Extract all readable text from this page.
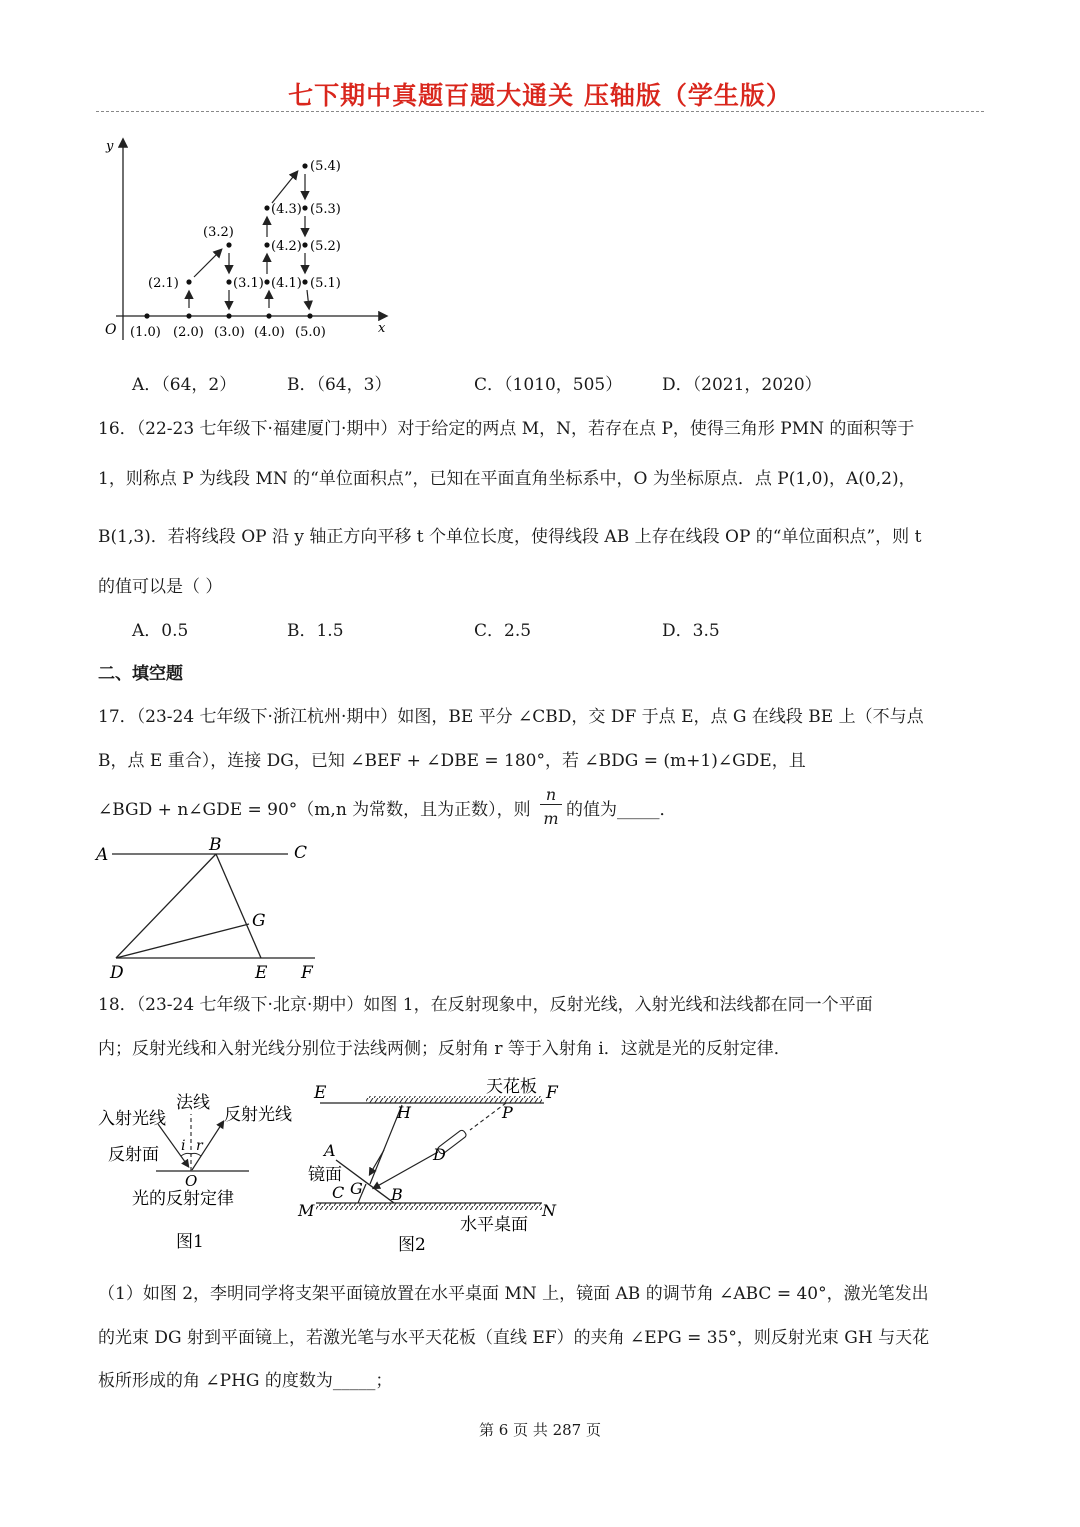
七下期中真题百题大通关 压轴版（学生版）
y
x
O (1.0) (2.0) (3.0) (4.0) (5.0)
(2.1)
(3.2)
(3.1) (4.1)
(4.2)
(4.3)
(5.1)
(5.2)
(5.3)
(5.4)
A．（64，2）	B．（64，3）	C．（1010，505） D．（2021，2020）
16．（22-23 七年级下·福建厦门·期中）对于给定的两点 M，N，若存在点 P，使得三角形 PMN 的面积等于
1，则称点 P 为线段 MN 的“单位面积点”，已知在平面直角坐标系中，O 为坐标原点．点 P(1,0)，A(0,2)，
B(1,3)．若将线段 OP 沿 y 轴正方向平移 t 个单位长度，使得线段 AB 上存在线段 OP 的“单位面积点”，则 t
的值可以是（ ）
A．0.5	B．1.5	C．2.5	D．3.5
二、填空题
17．（23-24 七年级下·浙江杭州·期中）如图，BE 平分 ∠CBD，交 DF 于点 E，点 G 在线段 BE 上（不与点
B，点 E 重合），连接 DG，已知 ∠BEF + ∠DBE = 180°，若 ∠BDG = (m+1)∠GDE，且
∠BGD + n∠GDE = 90°（m,n 为常数，且为正数），则
n
m 的值为_____．
A	B	C
G
D	E F
18．（23-24 七年级下·北京·期中）如图 1，在反射现象中，反射光线，入射光线和法线都在同一个平面
内；反射光线和入射光线分别位于法线两侧；反射角 r 等于入射角 i．这就是光的反射定律．
入射光线
法线
反射光线
反射面 i r
O
光的反射定律
图1
E	天花板 F
H	P
D
A
镜面
C G B
M	N
水平桌面
图2
（1）如图 2，李明同学将支架平面镜放置在水平桌面 MN 上，镜面 AB 的调节角 ∠ABC = 40°，激光笔发出
的光束 DG 射到平面镜上，若激光笔与水平天花板（直线 EF）的夹角 ∠EPG = 35°，则反射光束 GH 与天花
板所形成的角 ∠PHG 的度数为_____；
第 6 页 共 287 页
